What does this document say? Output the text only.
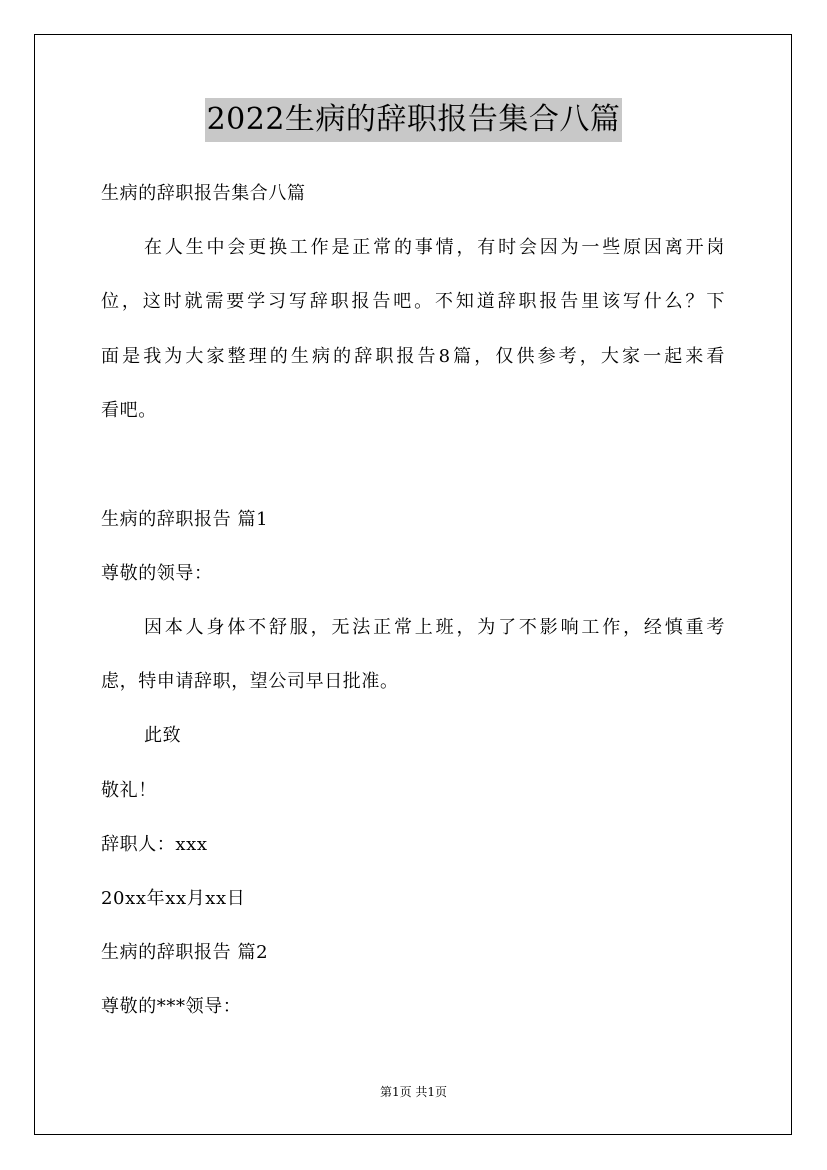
2022生病的辞职报告集合八篇
生病的辞职报告集合八篇
在人生中会更换工作是正常的事情，有时会因为一些原因离开岗
位，这时就需要学习写辞职报告吧。不知道辞职报告里该写什么？下
面是我为大家整理的生病的辞职报告8篇，仅供参考，大家一起来看
看吧。
生病的辞职报告 篇1
尊敬的领导：
因本人身体不舒服，无法正常上班，为了不影响工作，经慎重考
虑，特申请辞职，望公司早日批准。
此致
敬礼！
辞职人：xxx
20xx年xx月xx日
生病的辞职报告 篇2
尊敬的***领导：
第1页 共1页
